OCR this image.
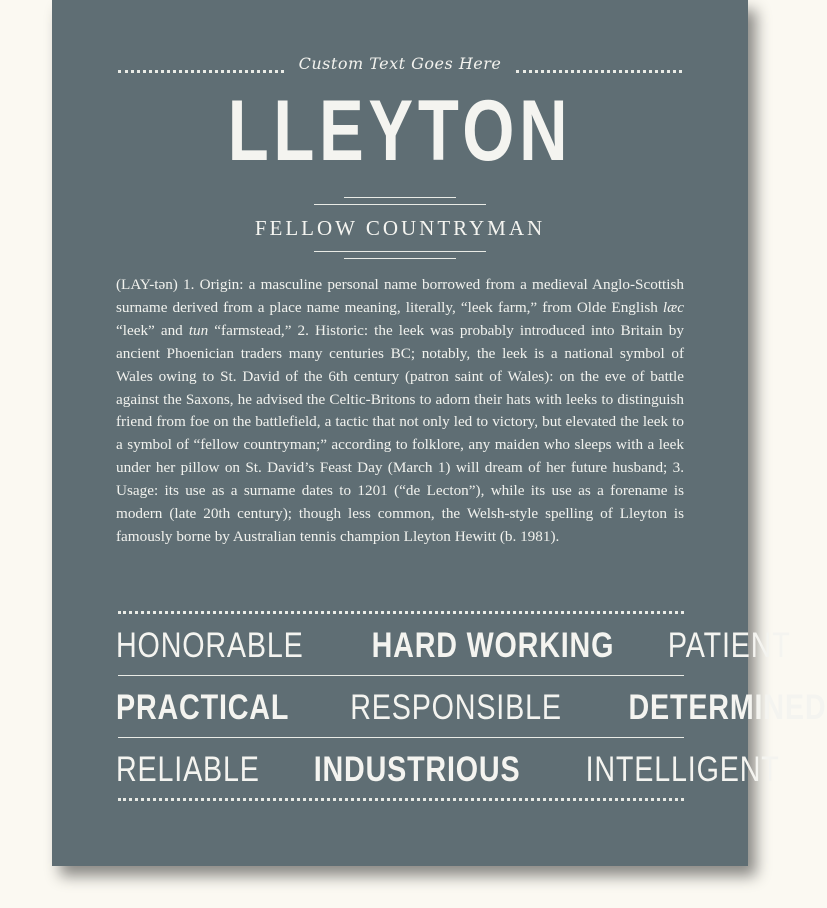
Custom Text Goes Here
LLEYTON
FELLOW COUNTRYMAN
(LAY-tən) 1. Origin: a masculine personal name borrowed from a medieval Anglo-Scottish surname derived from a place name meaning, literally, “leek farm,” from Olde English læc “leek” and tun “farmstead,” 2. Historic: the leek was probably introduced into Britain by ancient Phoenician traders many centuries BC; notably, the leek is a national symbol of Wales owing to St. David of the 6th century (patron saint of Wales): on the eve of battle against the Saxons, he advised the Celtic-Britons to adorn their hats with leeks to distinguish friend from foe on the battlefield, a tactic that not only led to victory, but elevated the leek to a symbol of “fellow countryman;” according to folklore, any maiden who sleeps with a leek under her pillow on St. David’s Feast Day (March 1) will dream of her future husband; 3. Usage: its use as a surname dates to 1201 (“de Lecton”), while its use as a forename is modern (late 20th century); though less common, the Welsh-style spelling of Lleyton is famously borne by Australian tennis champion Lleyton Hewitt (b. 1981).
HONORABLE HARD WORKING PATIENT
PRACTICAL RESPONSIBLE DETERMINED
RELIABLE INDUSTRIOUS INTELLIGENT
